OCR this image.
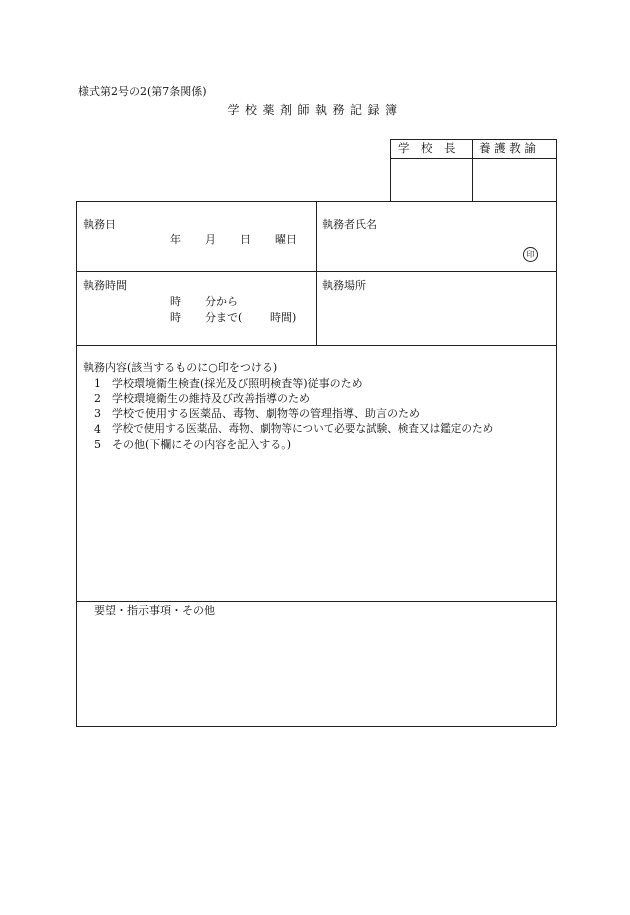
様式第2号の2(第7条関係)
学校薬剤師執務記録簿
学　校　長	養 護 教 諭
執務日
年 月 日 曜日
執務者氏名
印
執務時間
時 分から
時 分まで(	時間)
執務場所
執務内容(該当するものに○印をつける)
1 学校環境衛生検査(採光及び照明検査等)従事のため
2 学校環境衛生の維持及び改善指導のため
3 学校で使用する医薬品、毒物、劇物等の管理指導、助言のため
4 学校で使用する医薬品、毒物、劇物等について必要な試験、検査又は鑑定のため
5 その他(下欄にその内容を記入する。)
要望・指示事項・その他
